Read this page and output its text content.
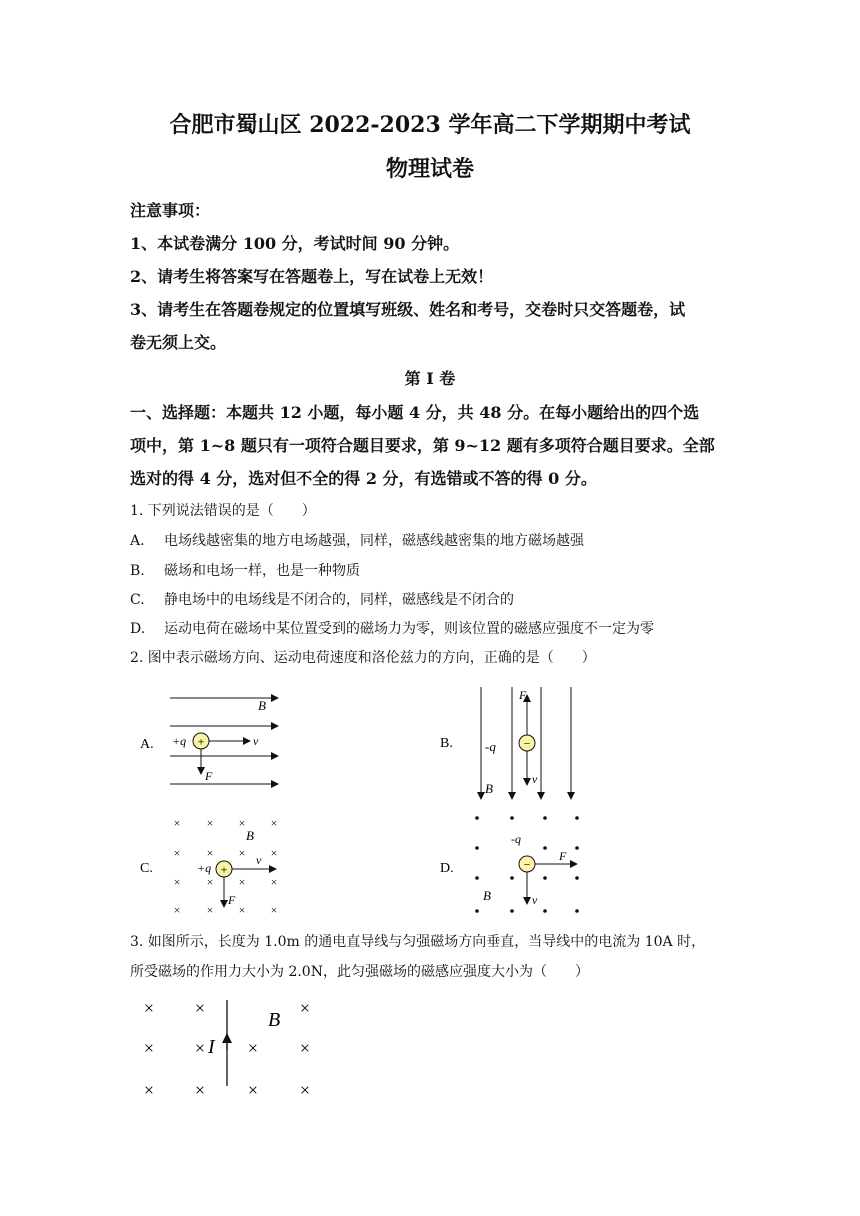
合肥市蜀山区 2022-2023 学年高二下学期期中考试
物理试卷
注意事项：
1、本试卷满分 100 分，考试时间 90 分钟。
2、请考生将答案写在答题卷上，写在试卷上无效！
3、请考生在答题卷规定的位置填写班级、姓名和考号，交卷时只交答题卷，试
卷无须上交。
第 I 卷
一、选择题：本题共 12 小题，每小题 4 分，共 48 分。在每小题给出的四个选
项中，第 1~8 题只有一项符合题目要求，第 9~12 题有多项符合题目要求。全部
选对的得 4 分，选对但不全的得 2 分，有选错或不答的得 0 分。
1. 下列说法错误的是（　　）
A. 电场线越密集的地方电场越强，同样，磁感线越密集的地方磁场越强
B. 磁场和电场一样，也是一种物质
C. 静电场中的电场线是不闭合的，同样，磁感线是不闭合的
D. 运动电荷在磁场中某位置受到的磁场力为零，则该位置的磁感应强度不一定为零
2. 图中表示磁场方向、运动电荷速度和洛伦兹力的方向，正确的是（　　）
A.
B
+q +	v
F
B.
B
-q −
F
v
C.
× × × ×
× × × ×
× × × ×
× × × ×
B
+q +
v
F
D.
-q
−
F
v
B
3. 如图所示，长度为 1.0m 的通电直导线与匀强磁场方向垂直，当导线中的电流为 10A 时，
所受磁场的作用力大小为 2.0N，此匀强磁场的磁感应强度大小为（　　）
× ×	×
× × × ×
× × × ×
I
B
